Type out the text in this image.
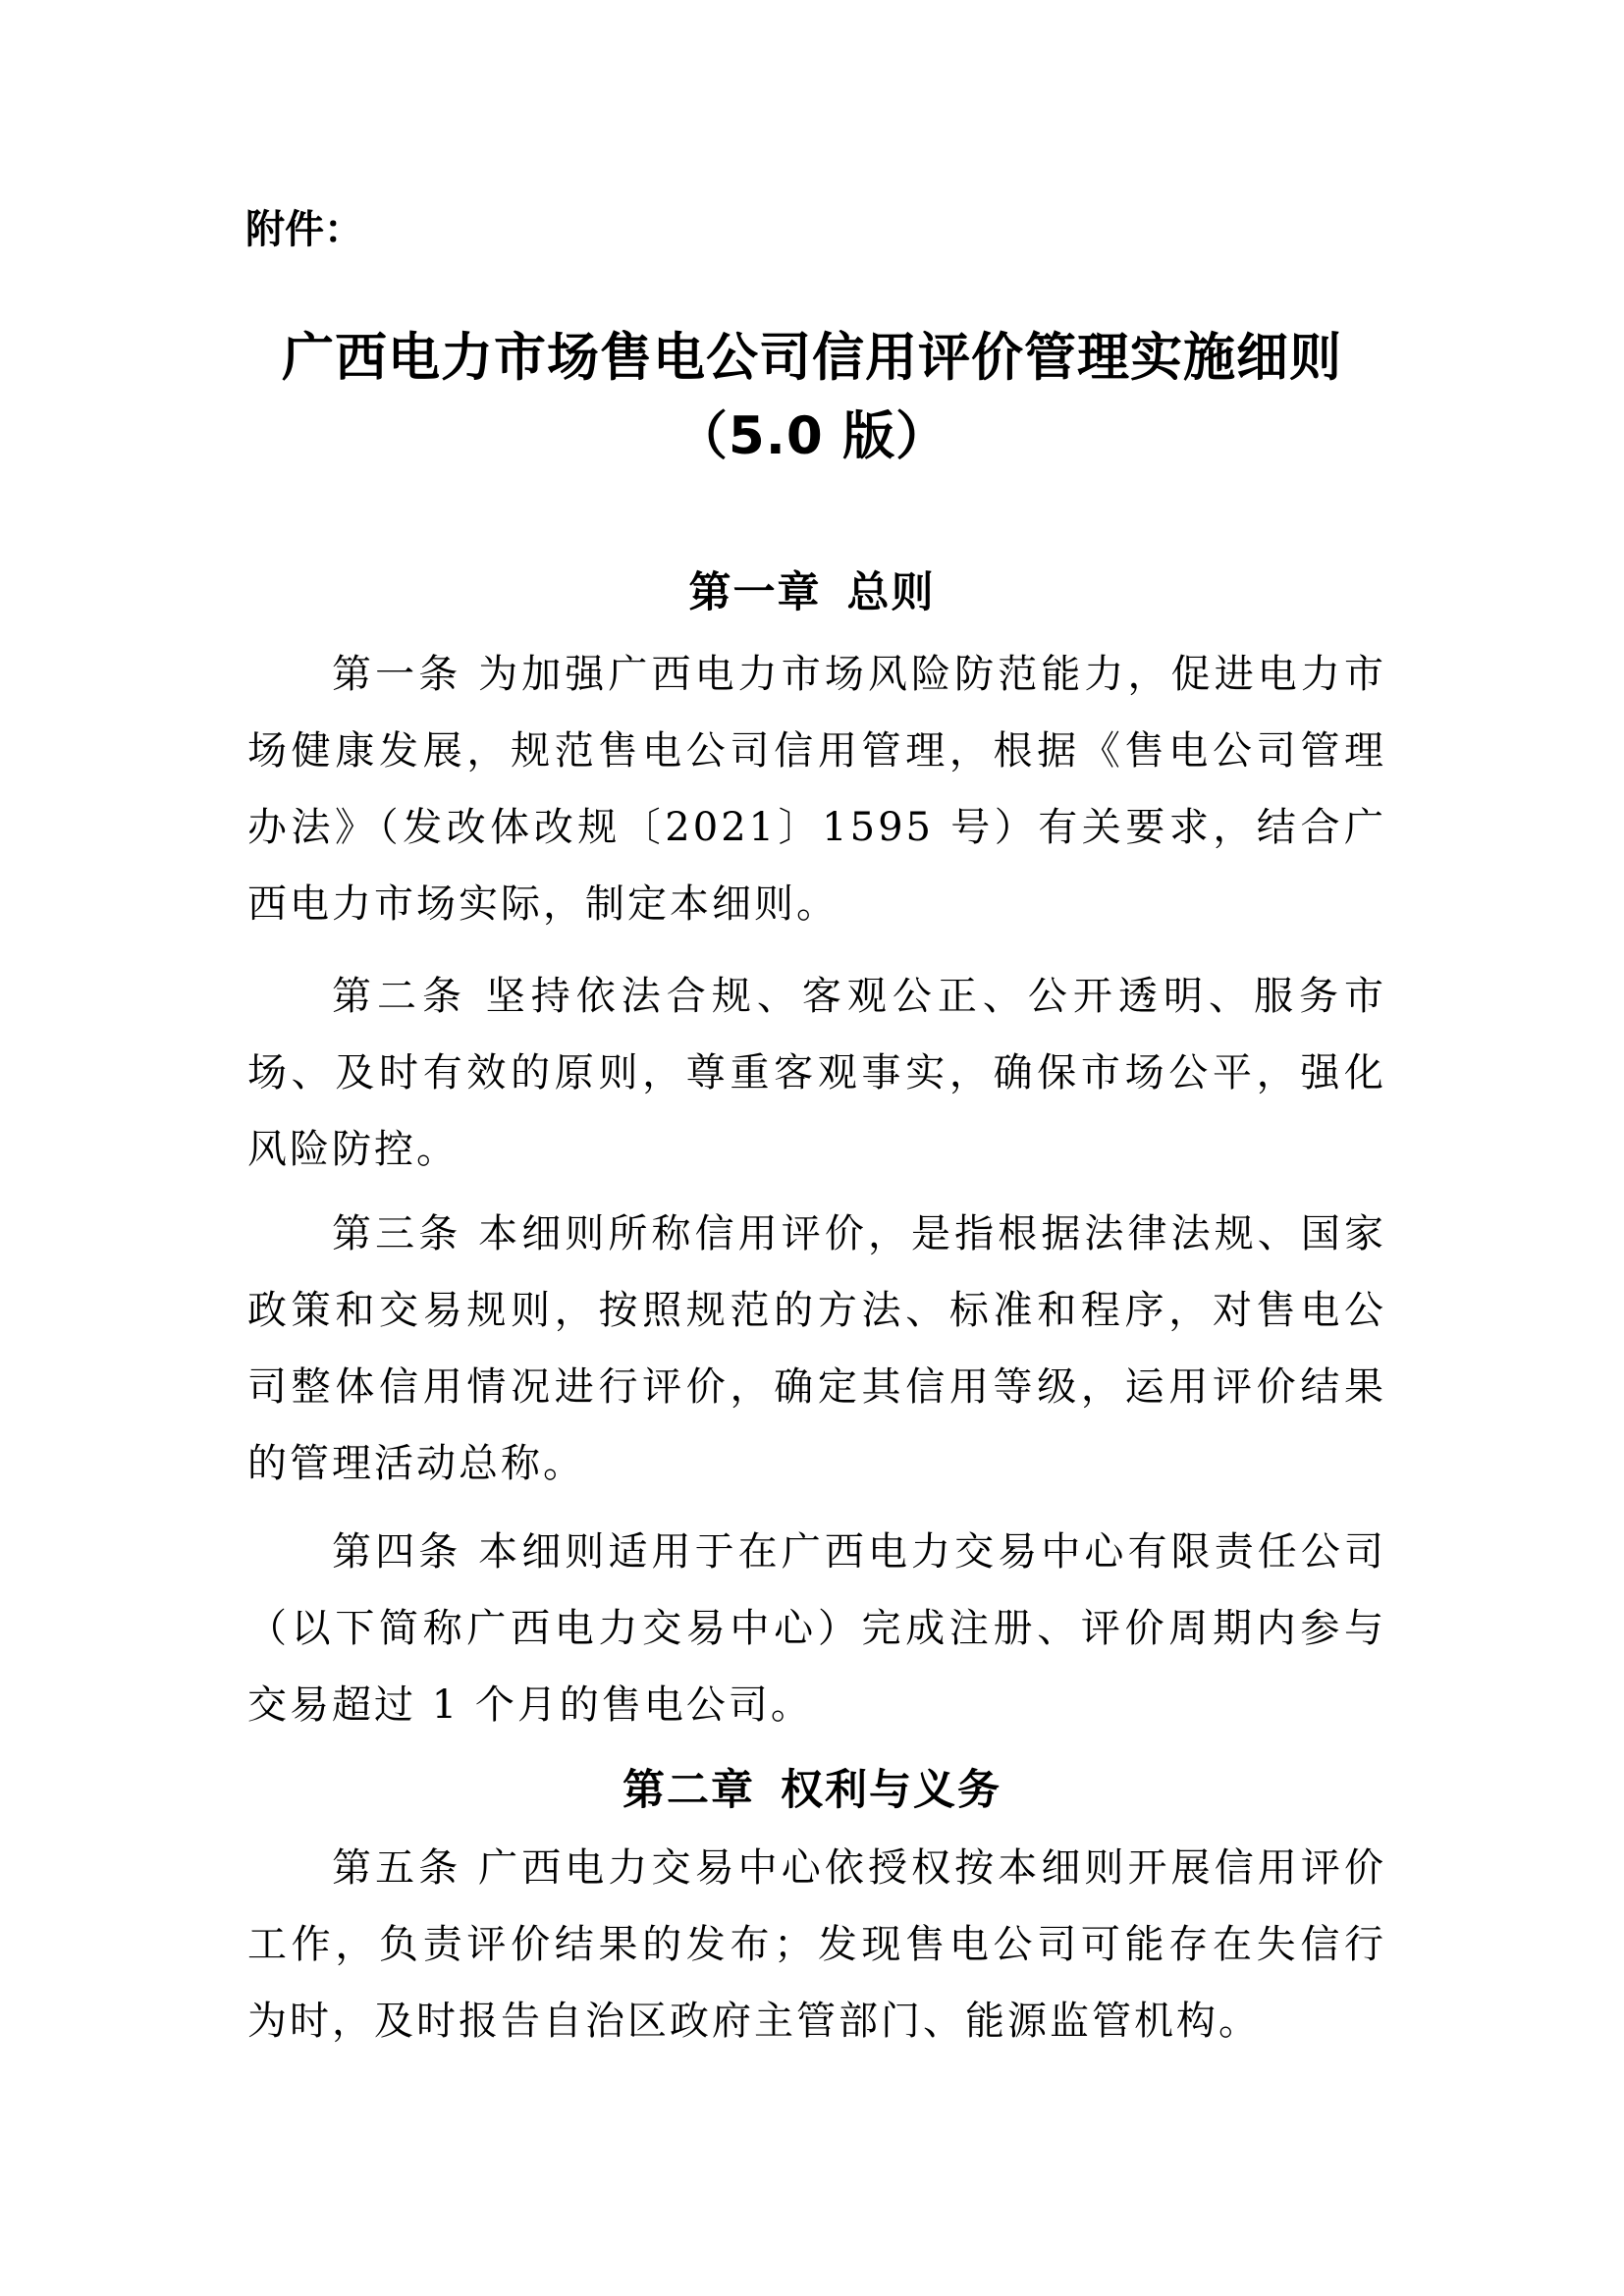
附件：
广西电力市场售电公司信用评价管理实施细则
（5.0 版）
第一章 总则
第一条 为加强广西电力市场风险防范能力，促进电力市场健康发展，规范售电公司信用管理，根据《售电公司管理办法》（发改体改规〔2021〕1595 号）有关要求，结合广西电力市场实际，制定本细则。
第二条 坚持依法合规、客观公正、公开透明、服务市场、及时有效的原则，尊重客观事实，确保市场公平，强化风险防控。
第三条 本细则所称信用评价，是指根据法律法规、国家政策和交易规则，按照规范的方法、标准和程序，对售电公司整体信用情况进行评价，确定其信用等级，运用评价结果的管理活动总称。
第四条 本细则适用于在广西电力交易中心有限责任公司（以下简称广西电力交易中心）完成注册、评价周期内参与交易超过 1 个月的售电公司。
第二章 权利与义务
第五条 广西电力交易中心依授权按本细则开展信用评价工作，负责评价结果的发布；发现售电公司可能存在失信行为时，及时报告自治区政府主管部门、能源监管机构。
